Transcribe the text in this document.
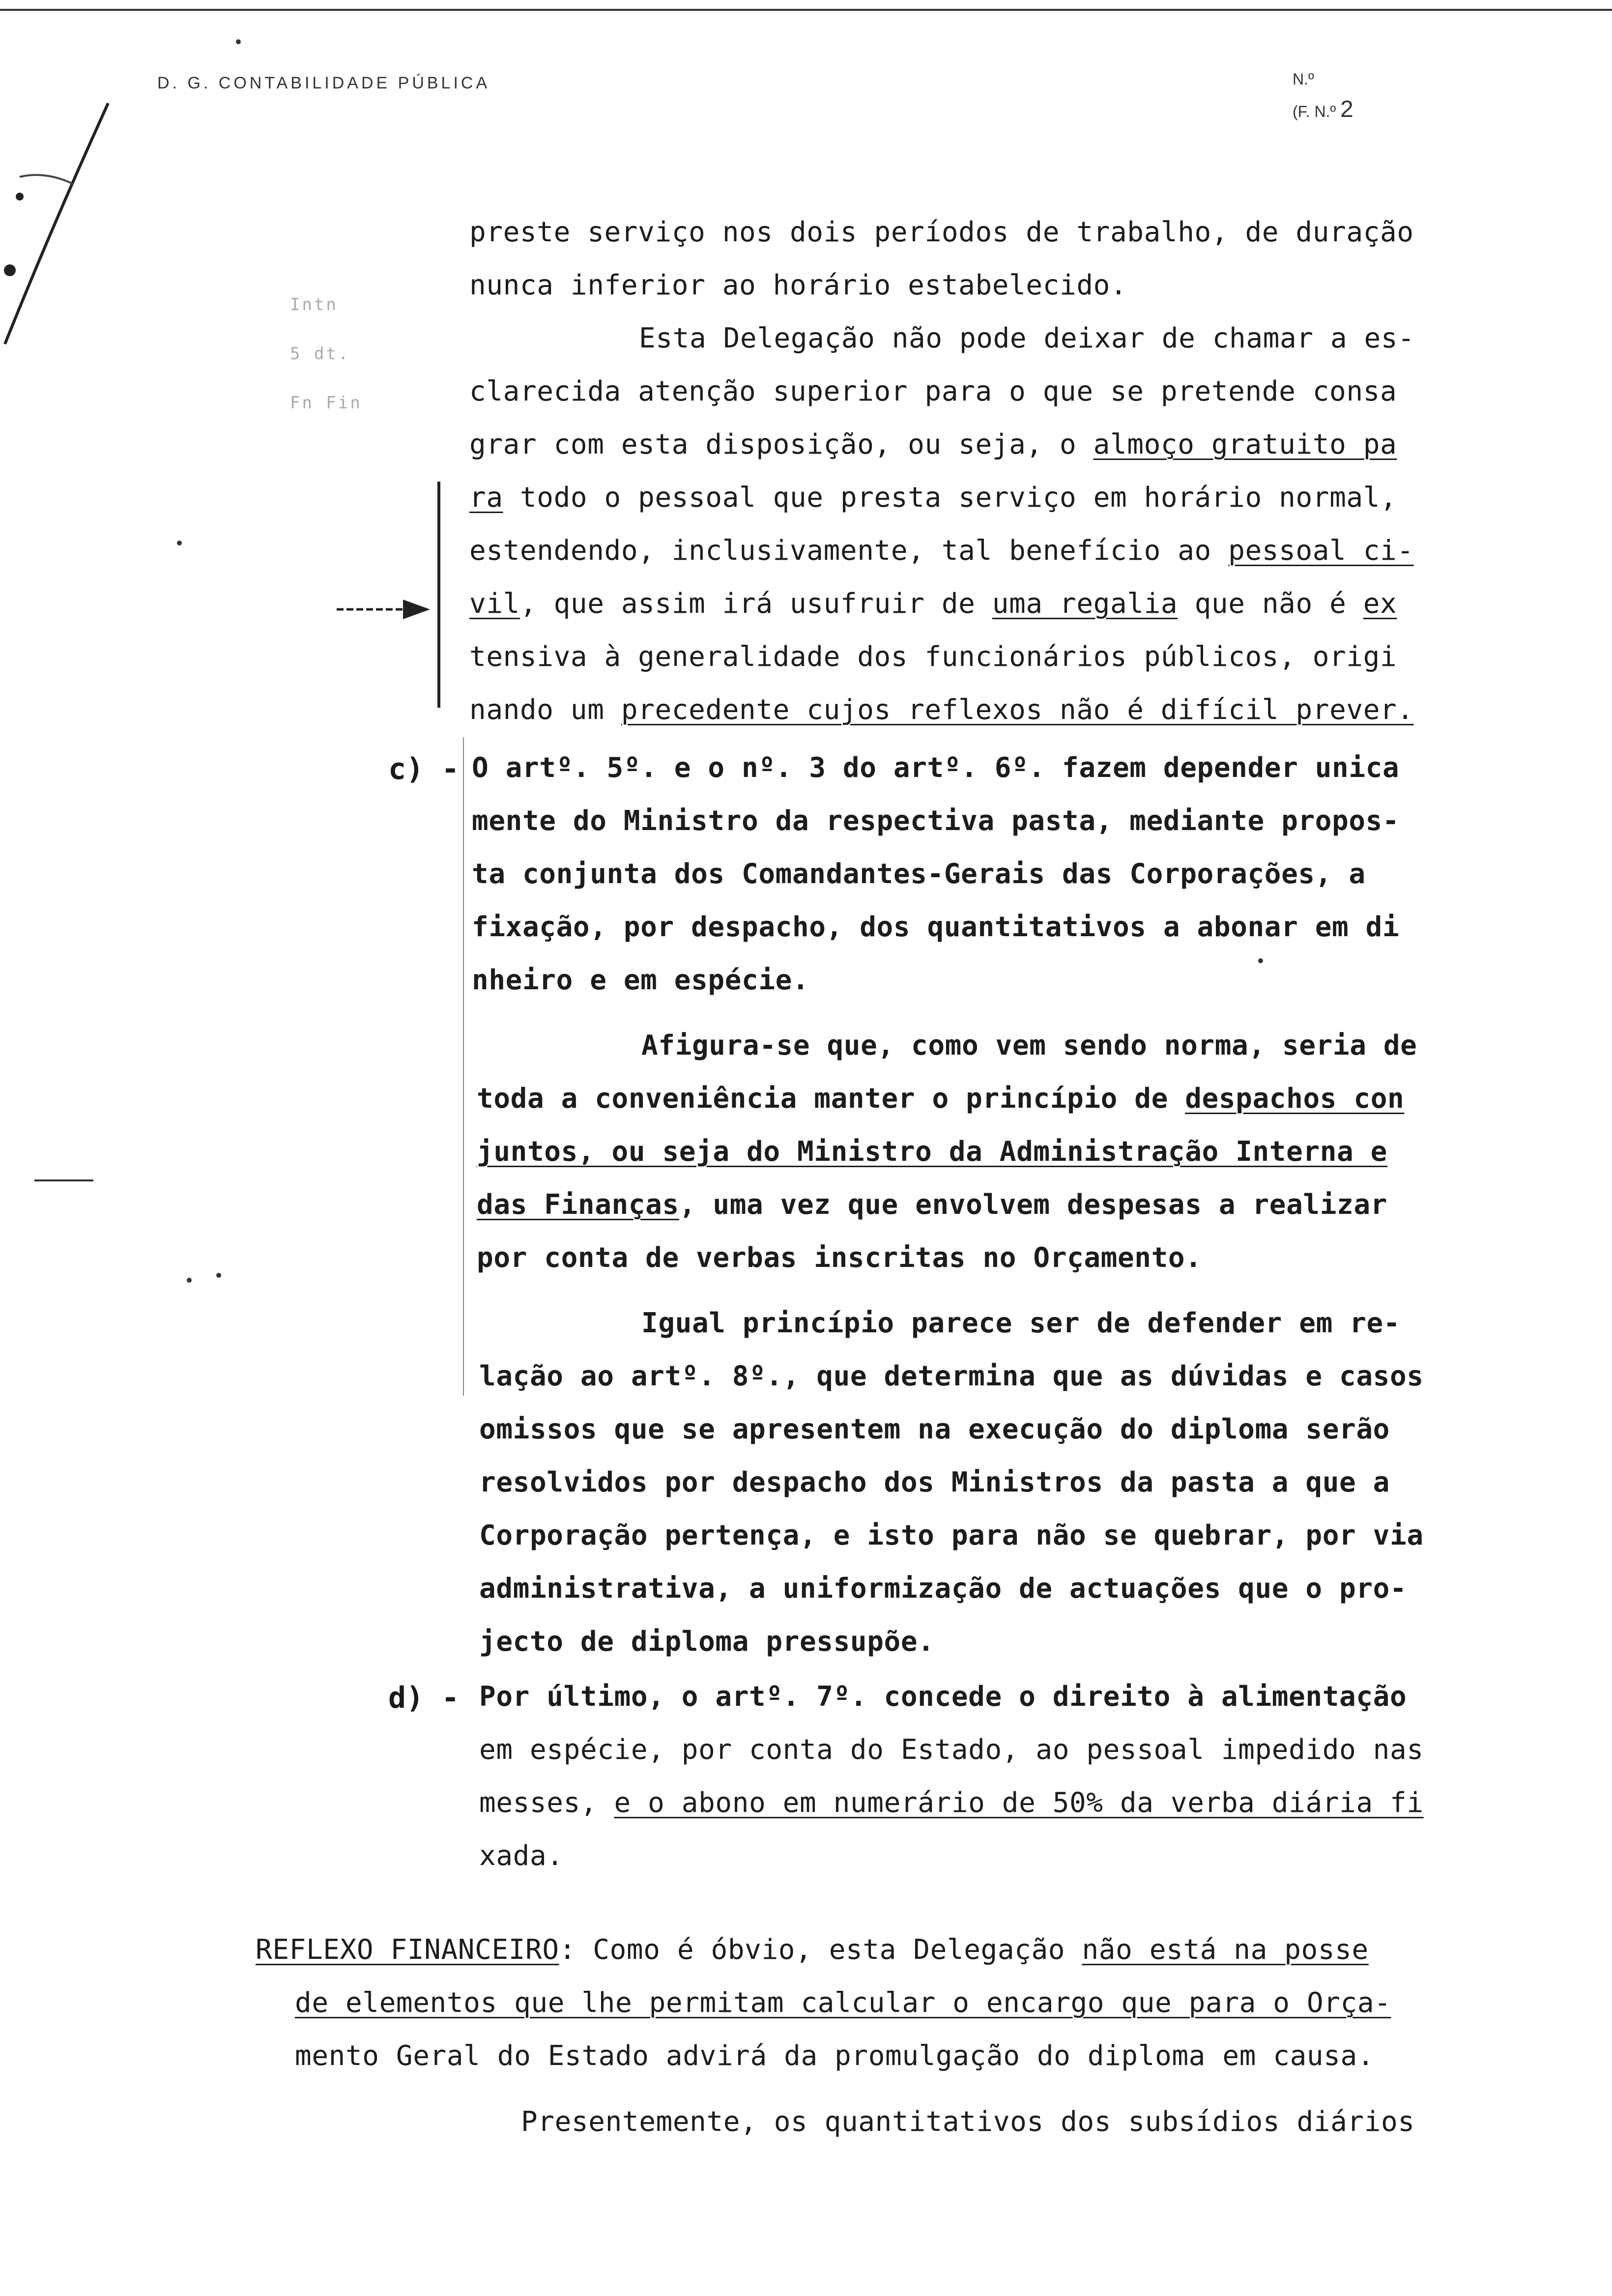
D. G. CONTABILIDADE PÚBLICA	N.º
(F. N.º 2
Intn
5 dt.
Fn Fin
preste serviço nos dois períodos de trabalho, de duração
nunca inferior ao horário estabelecido.
Esta Delegação não pode deixar de chamar a es-
clarecida atenção superior para o que se pretende consa
grar com esta disposição, ou seja, o almoço gratuito pa
ra todo o pessoal que presta serviço em horário normal,
estendendo, inclusivamente, tal benefício ao pessoal ci-
vil, que assim irá usufruir de uma regalia que não é ex
tensiva à generalidade dos funcionários públicos, origi
nando um precedente cujos reflexos não é difícil prever.
c) - O artº. 5º. e o nº. 3 do artº. 6º. fazem depender unica
mente do Ministro da respectiva pasta, mediante propos-
ta conjunta dos Comandantes-Gerais das Corporações, a
fixação, por despacho, dos quantitativos a abonar em di
nheiro e em espécie.
Afigura-se que, como vem sendo norma, seria de
toda a conveniência manter o princípio de despachos con
juntos, ou seja do Ministro da Administração Interna e
das Finanças, uma vez que envolvem despesas a realizar
por conta de verbas inscritas no Orçamento.
Igual princípio parece ser de defender em re-
lação ao artº. 8º., que determina que as dúvidas e casos
omissos que se apresentem na execução do diploma serão
resolvidos por despacho dos Ministros da pasta a que a
Corporação pertença, e isto para não se quebrar, por via
administrativa, a uniformização de actuações que o pro-
jecto de diploma pressupõe.
d) - Por último, o artº. 7º. concede o direito à alimentação
em espécie, por conta do Estado, ao pessoal impedido nas
messes, e o abono em numerário de 50% da verba diária fi
xada.
REFLEXO FINANCEIRO: Como é óbvio, esta Delegação não está na posse
de elementos que lhe permitam calcular o encargo que para o Orça-
mento Geral do Estado advirá da promulgação do diploma em causa.
Presentemente, os quantitativos dos subsídios diários
